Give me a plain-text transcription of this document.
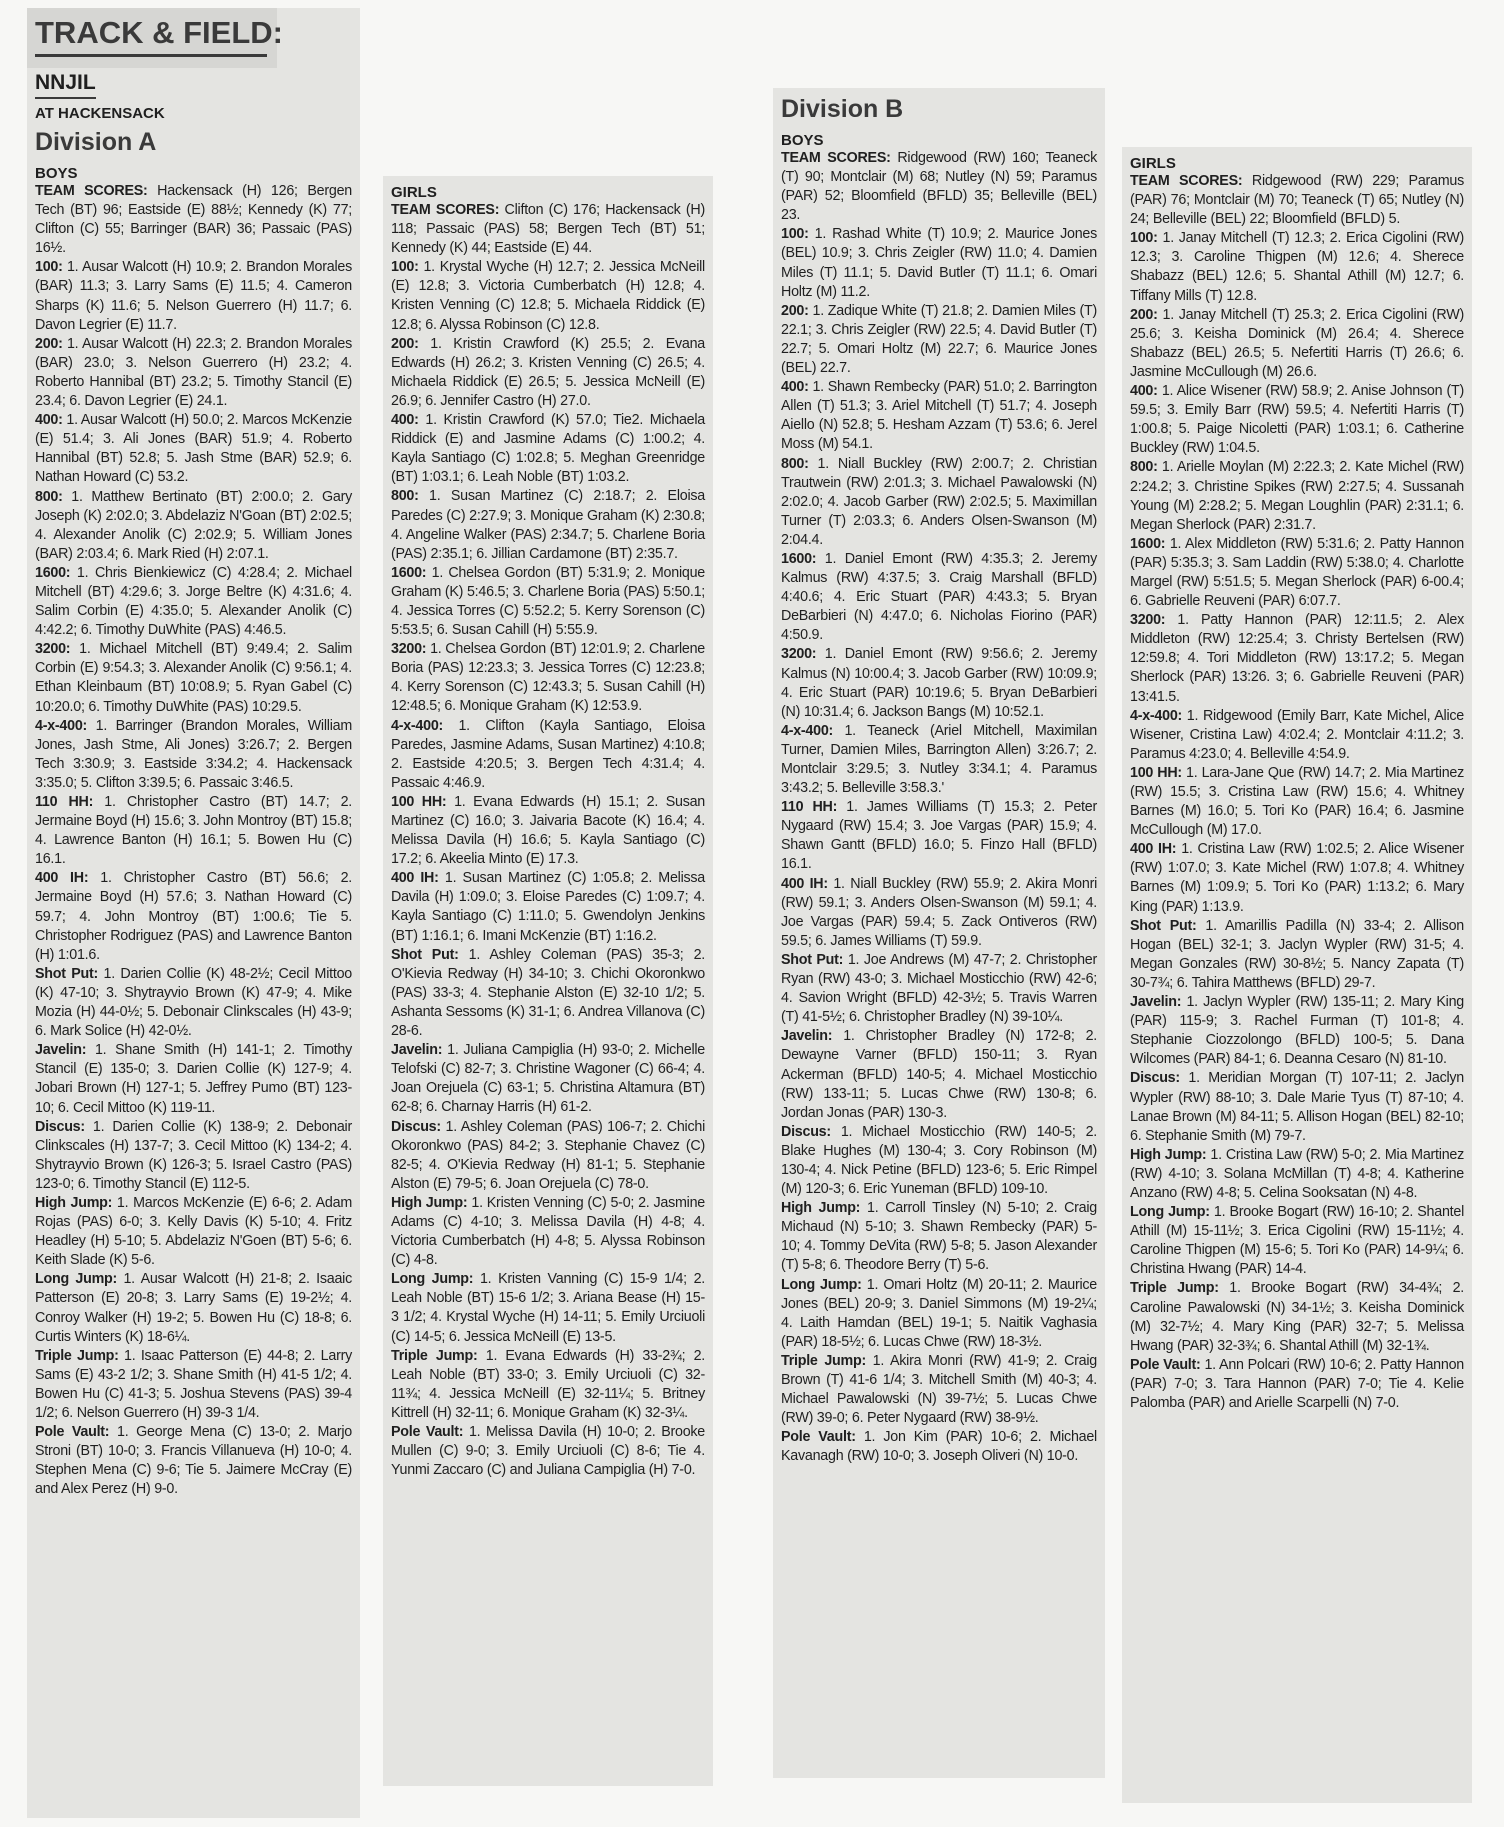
TRACK & FIELD:
NNJIL
AT HACKENSACK
Division A
BOYS

TEAM SCORES: Hackensack (H) 126; Bergen Tech (BT) 96; Eastside (E) 88½; Kennedy (K) 77; Clifton (C) 55; Barringer (BAR) 36; Passaic (PAS) 16½.

100: 1. Ausar Walcott (H) 10.9; 2. Brandon Morales (BAR) 11.3; 3. Larry Sams (E) 11.5; 4. Cameron Sharps (K) 11.6; 5. Nelson Guerrero (H) 11.7; 6. Davon Legrier (E) 11.7.

200: 1. Ausar Walcott (H) 22.3; 2. Brandon Morales (BAR) 23.0; 3. Nelson Guerrero (H) 23.2; 4. Roberto Hannibal (BT) 23.2; 5. Timothy Stancil (E) 23.4; 6. Davon Legrier (E) 24.1.

400: 1. Ausar Walcott (H) 50.0; 2. Marcos McKenzie (E) 51.4; 3. Ali Jones (BAR) 51.9; 4. Roberto Hannibal (BT) 52.8; 5. Jash Stme (BAR) 52.9; 6. Nathan Howard (C) 53.2.

800: 1. Matthew Bertinato (BT) 2:00.0; 2. Gary Joseph (K) 2:02.0; 3. Abdelaziz N'Goan (BT) 2:02.5; 4. Alexander Anolik (C) 2:02.9; 5. William Jones (BAR) 2:03.4; 6. Mark Ried (H) 2:07.1.

1600: 1. Chris Bienkiewicz (C) 4:28.4; 2. Michael Mitchell (BT) 4:29.6; 3. Jorge Beltre (K) 4:31.6; 4. Salim Corbin (E) 4:35.0; 5. Alexander Anolik (C) 4:42.2; 6. Timothy DuWhite (PAS) 4:46.5.

3200: 1. Michael Mitchell (BT) 9:49.4; 2. Salim Corbin (E) 9:54.3; 3. Alexander Anolik (C) 9:56.1; 4. Ethan Kleinbaum (BT) 10:08.9; 5. Ryan Gabel (C) 10:20.0; 6. Timothy DuWhite (PAS) 10:29.5.

4-x-400: 1. Barringer (Brandon Morales, William Jones, Jash Stme, Ali Jones) 3:26.7; 2. Bergen Tech 3:30.9; 3. Eastside 3:34.2; 4. Hackensack 3:35.0; 5. Clifton 3:39.5; 6. Passaic 3:46.5.

110 HH: 1. Christopher Castro (BT) 14.7; 2. Jermaine Boyd (H) 15.6; 3. John Montroy (BT) 15.8; 4. Lawrence Banton (H) 16.1; 5. Bowen Hu (C) 16.1.

400 IH: 1. Christopher Castro (BT) 56.6; 2. Jermaine Boyd (H) 57.6; 3. Nathan Howard (C) 59.7; 4. John Montroy (BT) 1:00.6; Tie 5. Christopher Rodriguez (PAS) and Lawrence Banton (H) 1:01.6.

Shot Put: 1. Darien Collie (K) 48-2½; Cecil Mittoo (K) 47-10; 3. Shytrayvio Brown (K) 47-9; 4. Mike Mozia (H) 44-0½; 5. Debonair Clinkscales (H) 43-9; 6. Mark Solice (H) 42-0½.

Javelin: 1. Shane Smith (H) 141-1; 2. Timothy Stancil (E) 135-0; 3. Darien Collie (K) 127-9; 4. Jobari Brown (H) 127-1; 5. Jeffrey Pumo (BT) 123-10; 6. Cecil Mittoo (K) 119-11.

Discus: 1. Darien Collie (K) 138-9; 2. Debonair Clinkscales (H) 137-7; 3. Cecil Mittoo (K) 134-2; 4. Shytrayvio Brown (K) 126-3; 5. Israel Castro (PAS) 123-0; 6. Timothy Stancil (E) 112-5.

High Jump: 1. Marcos McKenzie (E) 6-6; 2. Adam Rojas (PAS) 6-0; 3. Kelly Davis (K) 5-10; 4. Fritz Headley (H) 5-10; 5. Abdelaziz N'Goen (BT) 5-6; 6. Keith Slade (K) 5-6.

Long Jump: 1. Ausar Walcott (H) 21-8; 2. Isaaic Patterson (E) 20-8; 3. Larry Sams (E) 19-2½; 4. Conroy Walker (H) 19-2; 5. Bowen Hu (C) 18-8; 6. Curtis Winters (K) 18-6¼.

Triple Jump: 1. Isaac Patterson (E) 44-8; 2. Larry Sams (E) 43-2 1/2; 3. Shane Smith (H) 41-5 1/2; 4. Bowen Hu (C) 41-3; 5. Joshua Stevens (PAS) 39-4 1/2; 6. Nelson Guerrero (H) 39-3 1/4.

Pole Vault: 1. George Mena (C) 13-0; 2. Marjo Stroni (BT) 10-0; 3. Francis Villanueva (H) 10-0; 4. Stephen Mena (C) 9-6; Tie 5. Jaimere McCray (E) and Alex Perez (H) 9-0.

GIRLS

TEAM SCORES: Clifton (C) 176; Hackensack (H) 118; Passaic (PAS) 58; Bergen Tech (BT) 51; Kennedy (K) 44; Eastside (E) 44.

100: 1. Krystal Wyche (H) 12.7; 2. Jessica McNeill (E) 12.8; 3. Victoria Cumberbatch (H) 12.8; 4. Kristen Venning (C) 12.8; 5. Michaela Riddick (E) 12.8; 6. Alyssa Robinson (C) 12.8.

200: 1. Kristin Crawford (K) 25.5; 2. Evana Edwards (H) 26.2; 3. Kristen Venning (C) 26.5; 4. Michaela Riddick (E) 26.5; 5. Jessica McNeill (E) 26.9; 6. Jennifer Castro (H) 27.0.

400: 1. Kristin Crawford (K) 57.0; Tie2. Michaela Riddick (E) and Jasmine Adams (C) 1:00.2; 4. Kayla Santiago (C) 1:02.8; 5. Meghan Greenridge (BT) 1:03.1; 6. Leah Noble (BT) 1:03.2.

800: 1. Susan Martinez (C) 2:18.7; 2. Eloisa Paredes (C) 2:27.9; 3. Monique Graham (K) 2:30.8; 4. Angeline Walker (PAS) 2:34.7; 5. Charlene Boria (PAS) 2:35.1; 6. Jillian Cardamone (BT) 2:35.7.

1600: 1. Chelsea Gordon (BT) 5:31.9; 2. Monique Graham (K) 5:46.5; 3. Charlene Boria (PAS) 5:50.1; 4. Jessica Torres (C) 5:52.2; 5. Kerry Sorenson (C) 5:53.5; 6. Susan Cahill (H) 5:55.9.

3200: 1. Chelsea Gordon (BT) 12:01.9; 2. Charlene Boria (PAS) 12:23.3; 3. Jessica Torres (C) 12:23.8; 4. Kerry Sorenson (C) 12:43.3; 5. Susan Cahill (H) 12:48.5; 6. Monique Graham (K) 12:53.9.

4-x-400: 1. Clifton (Kayla Santiago, Eloisa Paredes, Jasmine Adams, Susan Martinez) 4:10.8; 2. Eastside 4:20.5; 3. Bergen Tech 4:31.4; 4. Passaic 4:46.9.

100 HH: 1. Evana Edwards (H) 15.1; 2. Susan Martinez (C) 16.0; 3. Jaivaria Bacote (K) 16.4; 4. Melissa Davila (H) 16.6; 5. Kayla Santiago (C) 17.2; 6. Akeelia Minto (E) 17.3.

400 IH: 1. Susan Martinez (C) 1:05.8; 2. Melissa Davila (H) 1:09.0; 3. Eloise Paredes (C) 1:09.7; 4. Kayla Santiago (C) 1:11.0; 5. Gwendolyn Jenkins (BT) 1:16.1; 6. Imani McKenzie (BT) 1:16.2.

Shot Put: 1. Ashley Coleman (PAS) 35-3; 2. O'Kievia Redway (H) 34-10; 3. Chichi Okoronkwo (PAS) 33-3; 4. Stephanie Alston (E) 32-10 1/2; 5. Ashanta Sessoms (K) 31-1; 6. Andrea Villanova (C) 28-6.

Javelin: 1. Juliana Campiglia (H) 93-0; 2. Michelle Telofski (C) 82-7; 3. Christine Wagoner (C) 66-4; 4. Joan Orejuela (C) 63-1; 5. Christina Altamura (BT) 62-8; 6. Charnay Harris (H) 61-2.

Discus: 1. Ashley Coleman (PAS) 106-7; 2. Chichi Okoronkwo (PAS) 84-2; 3. Stephanie Chavez (C) 82-5; 4. O'Kievia Redway (H) 81-1; 5. Stephanie Alston (E) 79-5; 6. Joan Orejuela (C) 78-0.

High Jump: 1. Kristen Venning (C) 5-0; 2. Jasmine Adams (C) 4-10; 3. Melissa Davila (H) 4-8; 4. Victoria Cumberbatch (H) 4-8; 5. Alyssa Robinson (C) 4-8.

Long Jump: 1. Kristen Vanning (C) 15-9 1/4; 2. Leah Noble (BT) 15-6 1/2; 3. Ariana Bease (H) 15-3 1/2; 4. Krystal Wyche (H) 14-11; 5. Emily Urciuoli (C) 14-5; 6. Jessica McNeill (E) 13-5.

Triple Jump: 1. Evana Edwards (H) 33-2¾; 2. Leah Noble (BT) 33-0; 3. Emily Urciuoli (C) 32-11¾; 4. Jessica McNeill (E) 32-11¼; 5. Britney Kittrell (H) 32-11; 6. Monique Graham (K) 32-3¼.

Pole Vault: 1. Melissa Davila (H) 10-0; 2. Brooke Mullen (C) 9-0; 3. Emily Urciuoli (C) 8-6; Tie 4. Yunmi Zaccaro (C) and Juliana Campiglia (H) 7-0.

Division B
BOYS

TEAM SCORES: Ridgewood (RW) 160; Teaneck (T) 90; Montclair (M) 68; Nutley (N) 59; Paramus (PAR) 52; Bloomfield (BFLD) 35; Belleville (BEL) 23.

100: 1. Rashad White (T) 10.9; 2. Maurice Jones (BEL) 10.9; 3. Chris Zeigler (RW) 11.0; 4. Damien Miles (T) 11.1; 5. David Butler (T) 11.1; 6. Omari Holtz (M) 11.2.

200: 1. Zadique White (T) 21.8; 2. Damien Miles (T) 22.1; 3. Chris Zeigler (RW) 22.5; 4. David Butler (T) 22.7; 5. Omari Holtz (M) 22.7; 6. Maurice Jones (BEL) 22.7.

400: 1. Shawn Rembecky (PAR) 51.0; 2. Barrington Allen (T) 51.3; 3. Ariel Mitchell (T) 51.7; 4. Joseph Aiello (N) 52.8; 5. Hesham Azzam (T) 53.6; 6. Jerel Moss (M) 54.1.

800: 1. Niall Buckley (RW) 2:00.7; 2. Christian Trautwein (RW) 2:01.3; 3. Michael Pawalowski (N) 2:02.0; 4. Jacob Garber (RW) 2:02.5; 5. Maximillan Turner (T) 2:03.3; 6. Anders Olsen-Swanson (M) 2:04.4.

1600: 1. Daniel Emont (RW) 4:35.3; 2. Jeremy Kalmus (RW) 4:37.5; 3. Craig Marshall (BFLD) 4:40.6; 4. Eric Stuart (PAR) 4:43.3; 5. Bryan DeBarbieri (N) 4:47.0; 6. Nicholas Fiorino (PAR) 4:50.9.

3200: 1. Daniel Emont (RW) 9:56.6; 2. Jeremy Kalmus (N) 10:00.4; 3. Jacob Garber (RW) 10:09.9; 4. Eric Stuart (PAR) 10:19.6; 5. Bryan DeBarbieri (N) 10:31.4; 6. Jackson Bangs (M) 10:52.1.

4-x-400: 1. Teaneck (Ariel Mitchell, Maximilan Turner, Damien Miles, Barrington Allen) 3:26.7; 2. Montclair 3:29.5; 3. Nutley 3:34.1; 4. Paramus 3:43.2; 5. Belleville 3:58.3.'

110 HH: 1. James Williams (T) 15.3; 2. Peter Nygaard (RW) 15.4; 3. Joe Vargas (PAR) 15.9; 4. Shawn Gantt (BFLD) 16.0; 5. Finzo Hall (BFLD) 16.1.

400 IH: 1. Niall Buckley (RW) 55.9; 2. Akira Monri (RW) 59.1; 3. Anders Olsen-Swanson (M) 59.1; 4. Joe Vargas (PAR) 59.4; 5. Zack Ontiveros (RW) 59.5; 6. James Williams (T) 59.9.

Shot Put: 1. Joe Andrews (M) 47-7; 2. Christopher Ryan (RW) 43-0; 3. Michael Mosticchio (RW) 42-6; 4. Savion Wright (BFLD) 42-3½; 5. Travis Warren (T) 41-5½; 6. Christopher Bradley (N) 39-10¼.

Javelin: 1. Christopher Bradley (N) 172-8; 2. Dewayne Varner (BFLD) 150-11; 3. Ryan Ackerman (BFLD) 140-5; 4. Michael Mosticchio (RW) 133-11; 5. Lucas Chwe (RW) 130-8; 6. Jordan Jonas (PAR) 130-3.

Discus: 1. Michael Mosticchio (RW) 140-5; 2. Blake Hughes (M) 130-4; 3. Cory Robinson (M) 130-4; 4. Nick Petine (BFLD) 123-6; 5. Eric Rimpel (M) 120-3; 6. Eric Yuneman (BFLD) 109-10.

High Jump: 1. Carroll Tinsley (N) 5-10; 2. Craig Michaud (N) 5-10; 3. Shawn Rembecky (PAR) 5-10; 4. Tommy DeVita (RW) 5-8; 5. Jason Alexander (T) 5-8; 6. Theodore Berry (T) 5-6.

Long Jump: 1. Omari Holtz (M) 20-11; 2. Maurice Jones (BEL) 20-9; 3. Daniel Simmons (M) 19-2¼; 4. Laith Hamdan (BEL) 19-1; 5. Naitik Vaghasia (PAR) 18-5½; 6. Lucas Chwe (RW) 18-3½.

Triple Jump: 1. Akira Monri (RW) 41-9; 2. Craig Brown (T) 41-6 1/4; 3. Mitchell Smith (M) 40-3; 4. Michael Pawalowski (N) 39-7½; 5. Lucas Chwe (RW) 39-0; 6. Peter Nygaard (RW) 38-9½.

Pole Vault: 1. Jon Kim (PAR) 10-6; 2. Michael Kavanagh (RW) 10-0; 3. Joseph Oliveri (N) 10-0.

GIRLS

TEAM SCORES: Ridgewood (RW) 229; Paramus (PAR) 76; Montclair (M) 70; Teaneck (T) 65; Nutley (N) 24; Belleville (BEL) 22; Bloomfield (BFLD) 5.

100: 1. Janay Mitchell (T) 12.3; 2. Erica Cigolini (RW) 12.3; 3. Caroline Thigpen (M) 12.6; 4. Sherece Shabazz (BEL) 12.6; 5. Shantal Athill (M) 12.7; 6. Tiffany Mills (T) 12.8.

200: 1. Janay Mitchell (T) 25.3; 2. Erica Cigolini (RW) 25.6; 3. Keisha Dominick (M) 26.4; 4. Sherece Shabazz (BEL) 26.5; 5. Nefertiti Harris (T) 26.6; 6. Jasmine McCullough (M) 26.6.

400: 1. Alice Wisener (RW) 58.9; 2. Anise Johnson (T) 59.5; 3. Emily Barr (RW) 59.5; 4. Nefertiti Harris (T) 1:00.8; 5. Paige Nicoletti (PAR) 1:03.1; 6. Catherine Buckley (RW) 1:04.5.

800: 1. Arielle Moylan (M) 2:22.3; 2. Kate Michel (RW) 2:24.2; 3. Christine Spikes (RW) 2:27.5; 4. Sussanah Young (M) 2:28.2; 5. Megan Loughlin (PAR) 2:31.1; 6. Megan Sherlock (PAR) 2:31.7.

1600: 1. Alex Middleton (RW) 5:31.6; 2. Patty Hannon (PAR) 5:35.3; 3. Sam Laddin (RW) 5:38.0; 4. Charlotte Margel (RW) 5:51.5; 5. Megan Sherlock (PAR) 6-00.4; 6. Gabrielle Reuveni (PAR) 6:07.7.

3200: 1. Patty Hannon (PAR) 12:11.5; 2. Alex Middleton (RW) 12:25.4; 3. Christy Bertelsen (RW) 12:59.8; 4. Tori Middleton (RW) 13:17.2; 5. Megan Sherlock (PAR) 13:26. 3; 6. Gabrielle Reuveni (PAR) 13:41.5.

4-x-400: 1. Ridgewood (Emily Barr, Kate Michel, Alice Wisener, Cristina Law) 4:02.4; 2. Montclair 4:11.2; 3. Paramus 4:23.0; 4. Belleville 4:54.9.

100 HH: 1. Lara-Jane Que (RW) 14.7; 2. Mia Martinez (RW) 15.5; 3. Cristina Law (RW) 15.6; 4. Whitney Barnes (M) 16.0; 5. Tori Ko (PAR) 16.4; 6. Jasmine McCullough (M) 17.0.

400 IH: 1. Cristina Law (RW) 1:02.5; 2. Alice Wisener (RW) 1:07.0; 3. Kate Michel (RW) 1:07.8; 4. Whitney Barnes (M) 1:09.9; 5. Tori Ko (PAR) 1:13.2; 6. Mary King (PAR) 1:13.9.

Shot Put: 1. Amarillis Padilla (N) 33-4; 2. Allison Hogan (BEL) 32-1; 3. Jaclyn Wypler (RW) 31-5; 4. Megan Gonzales (RW) 30-8½; 5. Nancy Zapata (T) 30-7¾; 6. Tahira Matthews (BFLD) 29-7.

Javelin: 1. Jaclyn Wypler (RW) 135-11; 2. Mary King (PAR) 115-9; 3. Rachel Furman (T) 101-8; 4. Stephanie Ciozzolongo (BFLD) 100-5; 5. Dana Wilcomes (PAR) 84-1; 6. Deanna Cesaro (N) 81-10.

Discus: 1. Meridian Morgan (T) 107-11; 2. Jaclyn Wypler (RW) 88-10; 3. Dale Marie Tyus (T) 87-10; 4. Lanae Brown (M) 84-11; 5. Allison Hogan (BEL) 82-10; 6. Stephanie Smith (M) 79-7.

High Jump: 1. Cristina Law (RW) 5-0; 2. Mia Martinez (RW) 4-10; 3. Solana McMillan (T) 4-8; 4. Katherine Anzano (RW) 4-8; 5. Celina Sooksatan (N) 4-8.

Long Jump: 1. Brooke Bogart (RW) 16-10; 2. Shantel Athill (M) 15-11½; 3. Erica Cigolini (RW) 15-11½; 4. Caroline Thigpen (M) 15-6; 5. Tori Ko (PAR) 14-9¼; 6. Christina Hwang (PAR) 14-4.

Triple Jump: 1. Brooke Bogart (RW) 34-4¾; 2. Caroline Pawalowski (N) 34-1½; 3. Keisha Dominick (M) 32-7½; 4. Mary King (PAR) 32-7; 5. Melissa Hwang (PAR) 32-3¾; 6. Shantal Athill (M) 32-1¾.

Pole Vault: 1. Ann Polcari (RW) 10-6; 2. Patty Hannon (PAR) 7-0; 3. Tara Hannon (PAR) 7-0; Tie 4. Kelie Palomba (PAR) and Arielle Scarpelli (N) 7-0.
